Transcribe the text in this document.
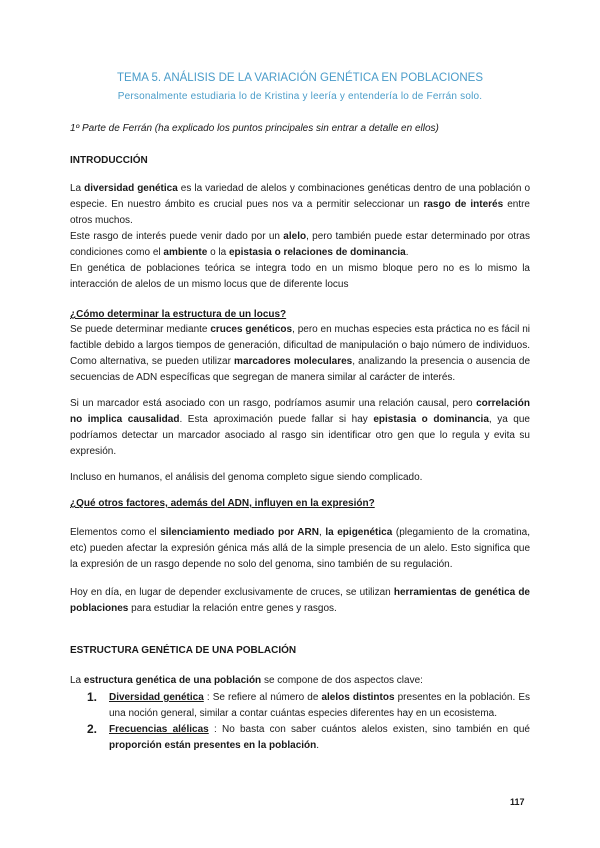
TEMA 5. ANÁLISIS DE LA VARIACIÓN GENÉTICA EN POBLACIONES
Personalmente estudiaria lo de Kristina y leería y entendería lo de Ferrán solo.
1º Parte de Ferrán (ha explicado los puntos principales sin entrar a detalle en ellos)
INTRODUCCIÓN
La diversidad genética es la variedad de alelos y combinaciones genéticas dentro de una población o especie. En nuestro ámbito es crucial pues nos va a permitir seleccionar un rasgo de interés entre otros muchos.
Este rasgo de interés puede venir dado por un alelo, pero también puede estar determinado por otras condiciones como el ambiente o la epistasia o relaciones de dominancia.
En genética de poblaciones teórica se integra todo en un mismo bloque pero no es lo mismo la interacción de alelos de un mismo locus que de diferente locus
¿Cómo determinar la estructura de un locus?
Se puede determinar mediante cruces genéticos, pero en muchas especies esta práctica no es fácil ni factible debido a largos tiempos de generación, dificultad de manipulación o bajo número de individuos. Como alternativa, se pueden utilizar marcadores moleculares, analizando la presencia o ausencia de secuencias de ADN específicas que segregan de manera similar al carácter de interés.
Si un marcador está asociado con un rasgo, podríamos asumir una relación causal, pero correlación no implica causalidad. Esta aproximación puede fallar si hay epistasia o dominancia, ya que podríamos detectar un marcador asociado al rasgo sin identificar otro gen que lo regula y evita su expresión.
Incluso en humanos, el análisis del genoma completo sigue siendo complicado.
¿Qué otros factores, además del ADN, influyen en la expresión?
Elementos como el silenciamiento mediado por ARN, la epigenética (plegamiento de la cromatina, etc) pueden afectar la expresión génica más allá de la simple presencia de un alelo. Esto significa que la expresión de un rasgo depende no solo del genoma, sino también de su regulación.
Hoy en día, en lugar de depender exclusivamente de cruces, se utilizan herramientas de genética de poblaciones para estudiar la relación entre genes y rasgos.
ESTRUCTURA GENÉTICA DE UNA POBLACIÓN
La estructura genética de una población se compone de dos aspectos clave:
1. Diversidad genética : Se refiere al número de alelos distintos presentes en la población. Es una noción general, similar a contar cuántas especies diferentes hay en un ecosistema.
2. Frecuencias alélicas : No basta con saber cuántos alelos existen, sino también en qué proporción están presentes en la población.
117
